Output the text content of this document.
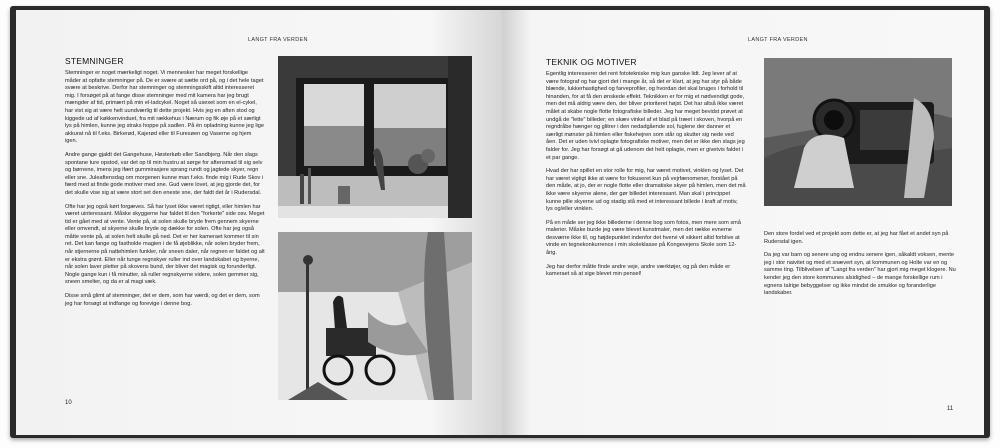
LANGT FRA VERDEN
STEMNINGER

Stemninger er noget mærkeligt noget. Vi mennesker har meget forskellige måder at opfatte stemninger på. De er svære at sætte ord på, og i det hele taget svære at beskrive. Derfor har stemninger og stemningsskift altid interesseret mig. I forsøget på at fange disse stemninger med mit kamera har jeg brugt mængder af tid, primært på min el-ladcykel. Noget så usexet som en el-cykel, har vist sig at være helt uundværlig til dette projekt. Hvis jeg en aften stod og kiggede ud af køkkenvinduet, fra mit rækkehus i Nærum og fik øje på et særligt lys på himlen, kunne jeg straks hoppe på sadlen. På én opladning kunne jeg lige akkurat nå til f.eks. Birkerød, Kajerød eller til Furesøen og Vaserne og hjem igen.

Andre gange gjaldt det Gangehuse, Høsterkøb eller Sandbjerg. Når den slags spontane ture opstod, var det op til min hustru at sørge for aftensmad til sig selv og børnene, imens jeg ifært gummirasjere sprang rundt og jagtede skyer, regn eller sne. Juleaftensdag om morgenen kunne man f.eks. finde mig i Rude Skov i færd med at finde gode motiver med sne. Gud være lovet, at jeg gjorde det, for det skulle vise sig at være stort set den eneste sne, der faldt det år i Rudersdal.

Ofte har jeg også kørt forgæves. Så har lyset ikke været rigtigt, eller himlen har været uinteressant. Måske skyggerne har faldet til den "forkerte" side osv. Meget tid er gået med at vente. Vente på, at solen skulle bryde frem gennem skyerne eller omvendt, at skyerne skulle bryde og dække for solen. Ofte har jeg også måtte vente på, at solen helt skulle gå ned. Det er her kameraet kommer til sin ret. Det kan fange og fastholde magien i de få øjeblikke, når solen bryder frem, når stjernerne på nattehimlen funkler, når sneen daler, når regnen er faldet og alt er ekstra grønt. Eller når tunge regnskyer ruller ind over landskabet og byerne, når solen laver pletter på skovens bund, der bliver det magisk og forunderligt. Nogle gange kun i få minutter, så ruller regnskyerne videre, solen gemmer sig, sneen smelter, og da er al magi væk.

Disse små glimt af stemninger, det er dem, som har værdi, og det er dem, som jeg har forsøgt at indfange og forevige i denne bog.

10
LANGT FRA VERDEN
TEKNIK OG MOTIVER

Egentlig interesserer det rent fototekniske mig kun ganske lidt. Jeg lever af at være fotograf og har gjort det i mange år, så det er klart, at jeg har styr på både blænde, lukkerhastighed og farveprofiler, og hvordan det skal bruges i forhold til hinanden, for at få den ønskede effekt. Teknikken er for mig et nødvendigt gode, men det må aldrig være den, der bliver prioriteret højst. Det har altså ikke været målet at skabe nogle flotte fotografiske billeder. Jeg har meget bevidst prøvet at undgå de "lette" billeder; en skæv vinkel af et blad på træet i skoven, hvorpå en regndråbe hænger og glitrer i den nedadgående sol, fuglene der danner et særligt mønster på himlen eller fiskehejren som står og skutter sig nede ved åen. Det er uden tvivl oplagte fotografiske motiver, men det er ikke den slags jeg falder for. Jeg har forsøgt at gå udenom det helt oplagte, men er givetvis faldet i et par gange.

Hvad der har spillet en stor rolle for mig, har været motivet, vinklen og lyset. Det har været vigtigt ikke at være for fokuseret kun på vejrfænomener, forstået på den måde, at jo, der er nogle flotte eller dramatiske skyer på himlen, men det må ikke være skyerne alene, der gør billedet interessant. Man skal i princippet kunne pille skyerne ud og stadig stå med et interessant billede i kraft af motiv, lys og/eller vinklen.

På en måde ser jeg ikke billederne i denne bog som fotos, men mere som små malerier. Måske burde jeg være blevet kunstmaler, men det række evnerne desværre ikke til, og højdepunktet indenfor det hvervi vil sikkert altid forblive at vinde en tegnekonkurrence i min skoleklasse på Kongevejens Skole som 12-årig.

Jeg har derfor måtte finde andre veje, andre værktøjer, og på den måde er kameraet så at sige blevet min pensel!

Den store fordel ved et projekt som dette er, at jeg har fået et andet syn på Rudersdal igen.

Da jeg var barn og senere ung og endnu senere igen, såkaldt voksen, mente jeg i stor naivitet og med et snævert syn, at kommunen og Holte var en og samme ting. Tilblivelsen af "Langt fra verden" har gjort mig meget klogere. Nu kender jeg den store kommunes alsidighed – de mange forskellige rum i egnens talrige bebyggelser og ikke mindst de smukke og foranderlige landskaber.

11
